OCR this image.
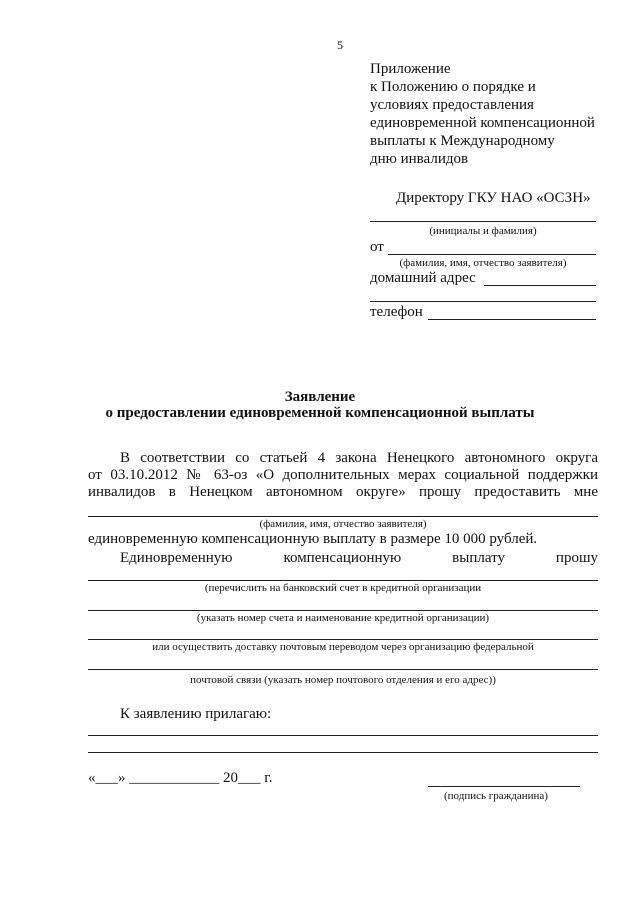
5
Приложение
к Положению о порядке и
условиях предоставления
единовременной компенсационной
выплаты к Международному
дню инвалидов
Директору ГКУ НАО «ОСЗН»
(инициалы и фамилия)
от
(фамилия, имя, отчество заявителя)
домашний адрес
телефон
Заявление
о предоставлении единовременной компенсационной выплаты
В соответствии со статьей 4 закона Ненецкого автономного округа
от 03.10.2012 № 63-оз «О дополнительных мерах социальной поддержки
инвалидов в Ненецком автономном округе» прошу предоставить мне
(фамилия, имя, отчество заявителя)
единовременную компенсационную выплату в размере 10 000 рублей.
Единовременную компенсационную выплату прошу
(перечислить на банковский счет в кредитной организации
(указать номер счета и наименование кредитной организации)
или осуществить доставку почтовым переводом через организацию федеральной
почтовой связи (указать номер почтового отделения и его адрес))
К заявлению прилагаю:
«___» ____________ 20___ г.
(подпись гражданина)
